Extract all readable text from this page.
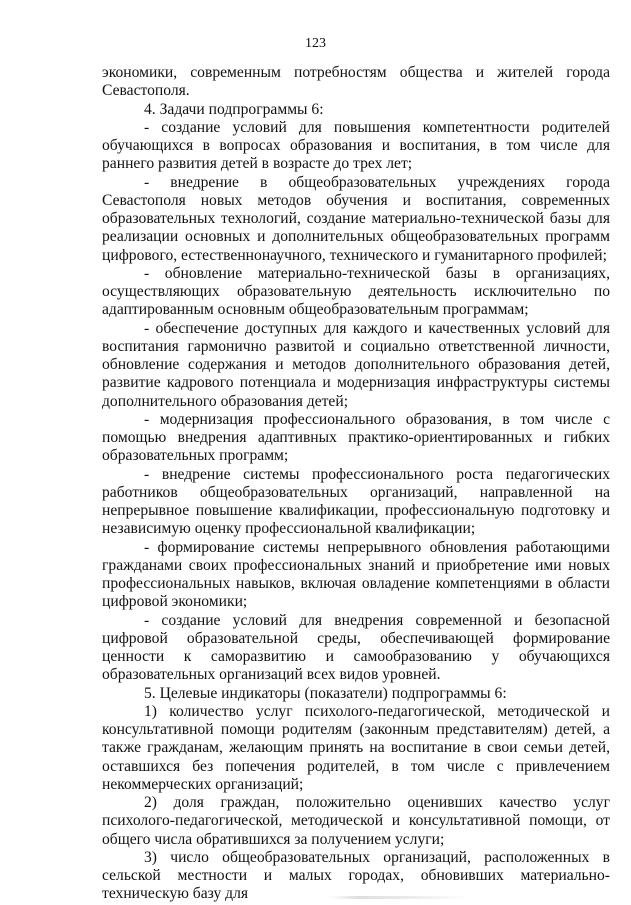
123

экономики, современным потребностям общества и жителей города Севастополя.

4. Задачи подпрограммы 6:

- создание условий для повышения компетентности родителей обучающихся в вопросах образования и воспитания, в том числе для раннего развития детей в возрасте до трех лет;

- внедрение в общеобразовательных учреждениях города Севастополя новых методов обучения и воспитания, современных образовательных технологий, создание материально-технической базы для реализации основных и дополнительных общеобразовательных программ цифрового, естественнонаучного, технического и гуманитарного профилей;

- обновление материально-технической базы в организациях, осуществляющих образовательную деятельность исключительно по адаптированным основным общеобразовательным программам;

- обеспечение доступных для каждого и качественных условий для воспитания гармонично развитой и социально ответственной личности, обновление содержания и методов дополнительного образования детей, развитие кадрового потенциала и модернизация инфраструктуры системы дополнительного образования детей;

- модернизация профессионального образования, в том числе с помощью внедрения адаптивных практико-ориентированных и гибких образовательных программ;

- внедрение системы профессионального роста педагогических работников общеобразовательных организаций, направленной на непрерывное повышение квалификации, профессиональную подготовку и независимую оценку профессиональной квалификации;

- формирование системы непрерывного обновления работающими гражданами своих профессиональных знаний и приобретение ими новых профессиональных навыков, включая овладение компетенциями в области цифровой экономики;

- создание условий для внедрения современной и безопасной цифровой образовательной среды, обеспечивающей формирование ценности к саморазвитию и самообразованию у обучающихся образовательных организаций всех видов уровней.

5. Целевые индикаторы (показатели) подпрограммы 6:

1) количество услуг психолого-педагогической, методической и консультативной помощи родителям (законным представителям) детей, а также гражданам, желающим принять на воспитание в свои семьи детей, оставшихся без попечения родителей, в том числе с привлечением некоммерческих организаций;

2) доля граждан, положительно оценивших качество услуг психолого-педагогической, методической и консультативной помощи, от общего числа обратившихся за получением услуги;

3) число общеобразовательных организаций, расположенных в сельской местности и малых городах, обновивших материально-техническую базу для
